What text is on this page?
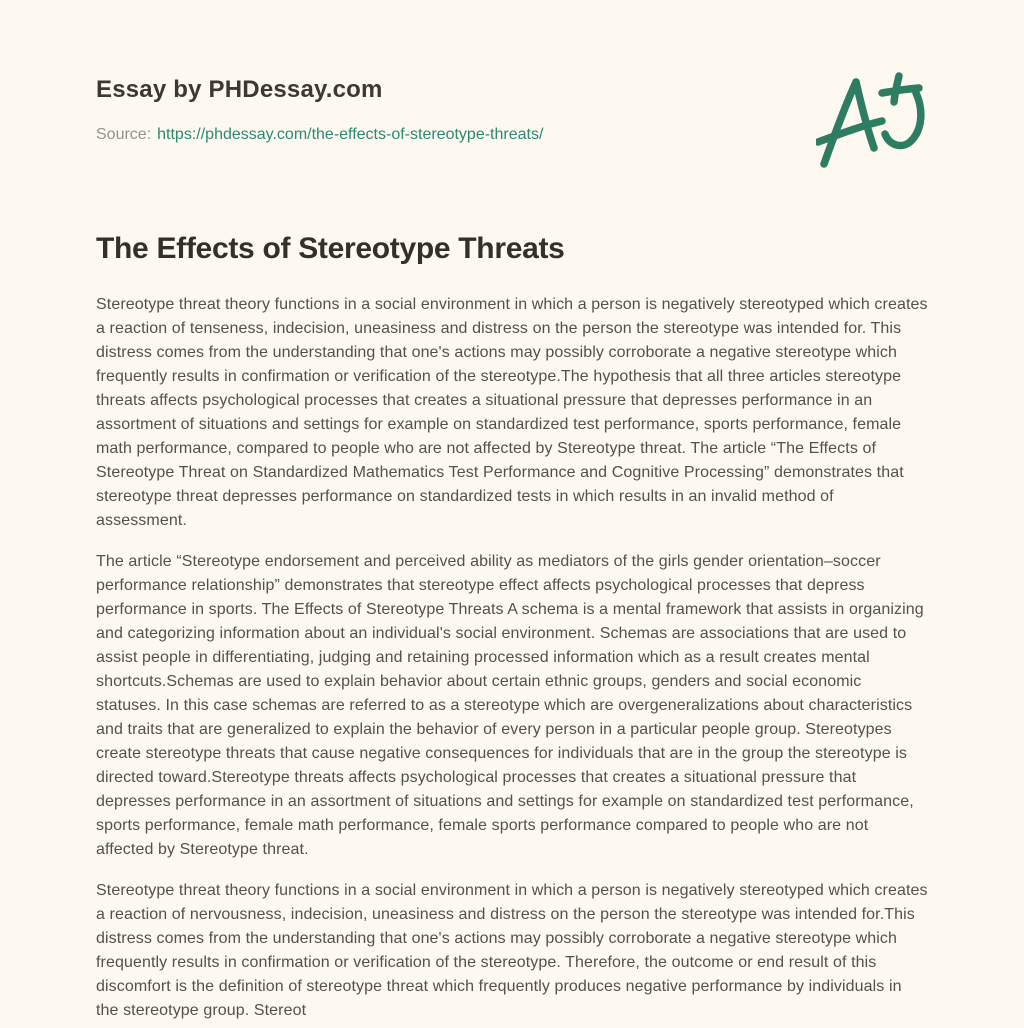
Essay by PHDessay.com
Source: https://phdessay.com/the-effects-of-stereotype-threats/
The Effects of Stereotype Threats

Stereotype threat theory functions in a social environment in which a person is negatively stereotyped which creates a reaction of tenseness, indecision, uneasiness and distress on the person the stereotype was intended for. This distress comes from the understanding that one's actions may possibly corroborate a negative stereotype which frequently results in confirmation or verification of the stereotype.The hypothesis that all three articles stereotype threats affects psychological processes that creates a situational pressure that depresses performance in an assortment of situations and settings for example on standardized test performance, sports performance, female math performance, compared to people who are not affected by Stereotype threat. The article “The Effects of Stereotype Threat on Standardized Mathematics Test Performance and Cognitive Processing” demonstrates that stereotype threat depresses performance on standardized tests in which results in an invalid method of assessment.

The article “Stereotype endorsement and perceived ability as mediators of the girls gender orientation–soccer performance relationship” demonstrates that stereotype effect affects psychological processes that depress performance in sports. The Effects of Stereotype Threats A schema is a mental framework that assists in organizing and categorizing information about an individual's social environment. Schemas are associations that are used to assist people in differentiating, judging and retaining processed information which as a result creates mental shortcuts.Schemas are used to explain behavior about certain ethnic groups, genders and social economic statuses. In this case schemas are referred to as a stereotype which are overgeneralizations about characteristics and traits that are generalized to explain the behavior of every person in a particular people group. Stereotypes create stereotype threats that cause negative consequences for individuals that are in the group the stereotype is directed toward.Stereotype threats affects psychological processes that creates a situational pressure that depresses performance in an assortment of situations and settings for example on standardized test performance, sports performance, female math performance, female sports performance compared to people who are not affected by Stereotype threat.

Stereotype threat theory functions in a social environment in which a person is negatively stereotyped which creates a reaction of nervousness, indecision, uneasiness and distress on the person the stereotype was intended for.This distress comes from the understanding that one's actions may possibly corroborate a negative stereotype which frequently results in confirmation or verification of the stereotype. Therefore, the outcome or end result of this discomfort is the definition of stereotype threat which frequently produces negative performance by individuals in the stereotype group. Stereot
